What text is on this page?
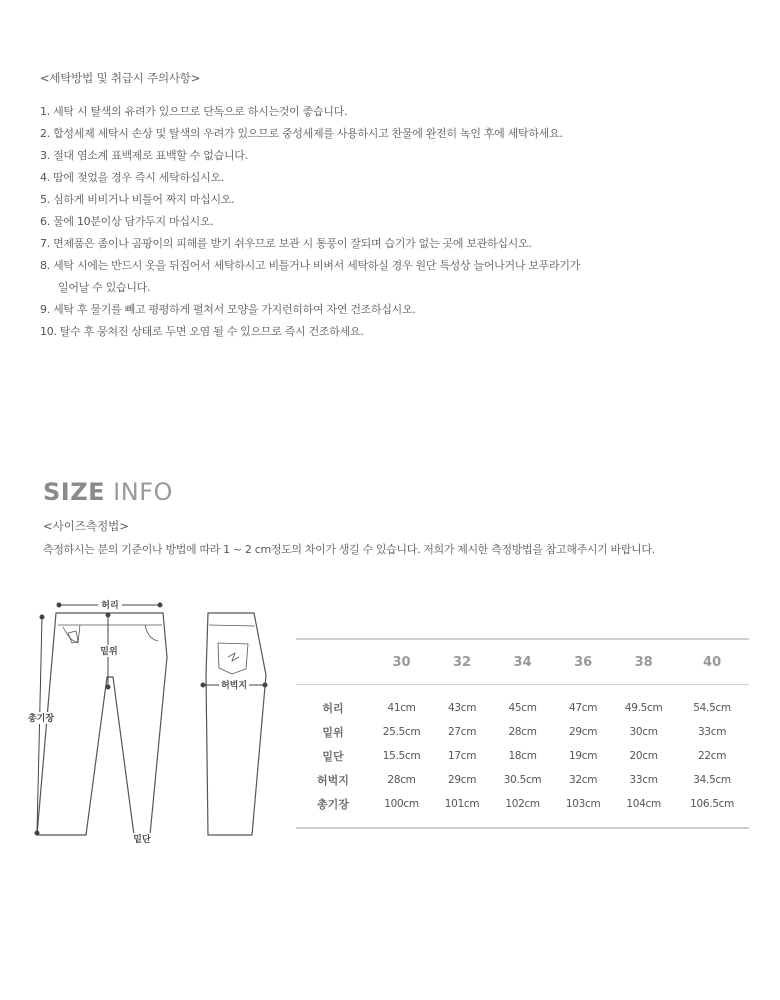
<세탁방법 및 취급시 주의사항>
1. 세탁 시 탈색의 유려가 있으므로 단독으로 하시는것이 좋습니다.
2. 합성세제 세탁시 손상 및 탈색의 우려가 있으므로 중성세제를 사용하시고 찬물에 완전히 녹인 후에 세탁하세요.
3. 절대 염소계 표백제로 표백할 수 없습니다.
4. 땀에 젖었을 경우 즉시 세탁하십시오.
5. 심하게 비비거나 비틀어 짜지 마십시오.
6. 물에 10분이상 담가두지 마십시오.
7. 면제품은 좀이나 곰팡이의 피해를 받기 쉬우므로 보관 시 통풍이 잘되며 습기가 없는 곳에 보관하십시오.
8. 세탁 시에는 반드시 옷을 뒤집어서 세탁하시고 비틀거나 비벼서 세탁하실 경우 원단 특성상 늘어나거나 보푸라기가
일어날 수 있습니다.
9. 세탁 후 물기를 빼고 평평하게 펼쳐서 모양을 가지런히하여 자연 건조하십시오.
10. 탈수 후 뭉쳐진 상태로 두면 오염 될 수 있으므로 즉시 건조하세요.
SIZE INFO
<사이즈측정법>
측정하시는 분의 기준이나 방법에 따라 1 ~ 2 cm정도의 차이가 생길 수 있습니다. 저희가 제시한 측정방법을 참고해주시기 바랍니다.
허리
밑위
총기장
밑단
허벅지
	30	32	34	36	38	40
허리	41cm	43cm	45cm	47cm	49.5cm	54.5cm
밑위	25.5cm	27cm	28cm	29cm	30cm	33cm
밑단	15.5cm	17cm	18cm	19cm	20cm	22cm
허벅지	28cm	29cm	30.5cm	32cm	33cm	34.5cm
총기장	100cm	101cm	102cm	103cm	104cm	106.5cm
